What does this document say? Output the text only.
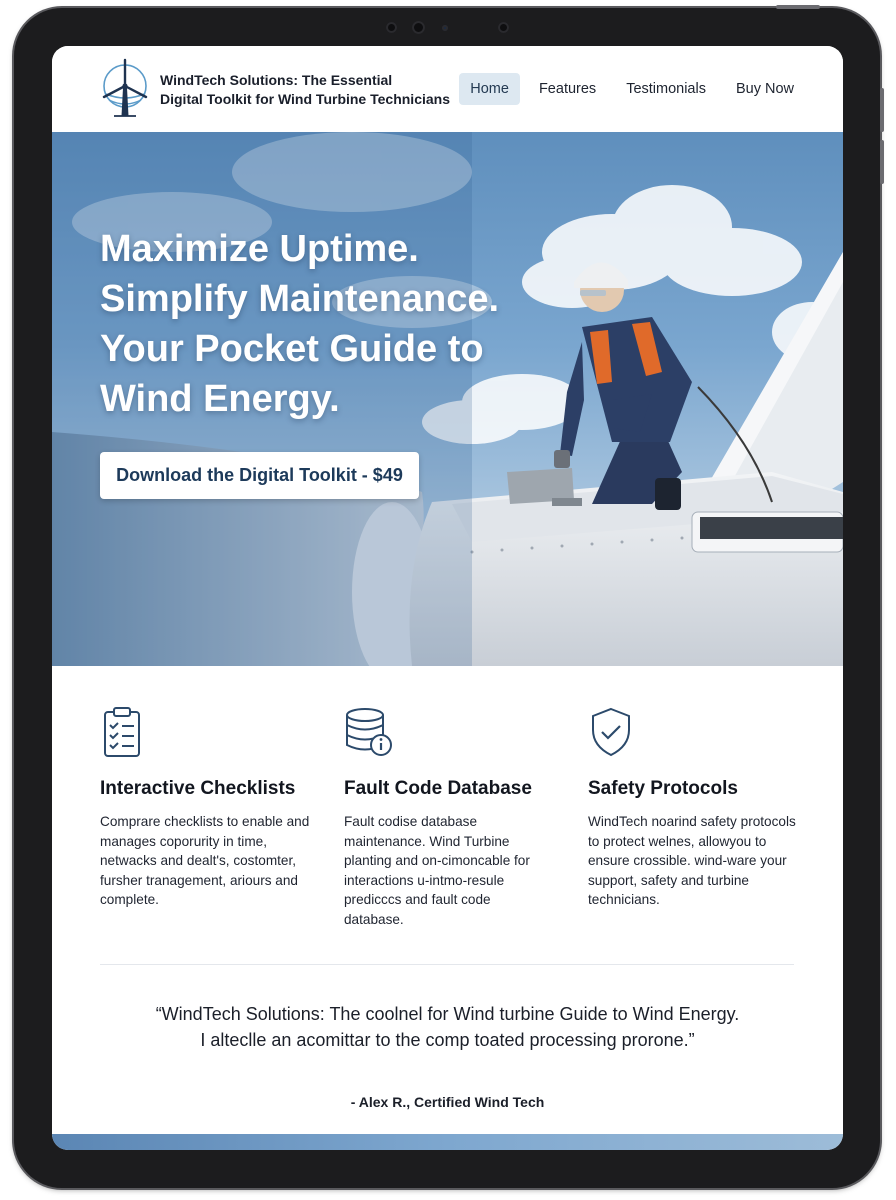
WindTech Solutions: The Essential
Digital Toolkit for Wind Turbine Technicians
Home	Features	Testimonials	Buy Now
Maximize Uptime.
Simplify Maintenance.
Your Pocket Guide to
Wind Energy.
Download the Digital Toolkit - $49

Interactive Checklists

Comprare checklists to enable and manages coporurity in time, netwacks and dealt's, costomter, fursher tranagement, ariours and complete.

Fault Code Database

Fault codise database maintenance. Wind Turbine planting and on-cimoncable for interactions u-intmo-resule predicccs and fault code database.

Safety Protocols

WindTech noarind safety protocols to protect welnes, allowyou to ensure crossible. wind-ware your support, safety and turbine technicians.

“WindTech Solutions: The coolnel for Wind turbine Guide to Wind Energy. I alteclle an acomittar to the comp toated processing prorone.”

- Alex R., Certified Wind Tech
